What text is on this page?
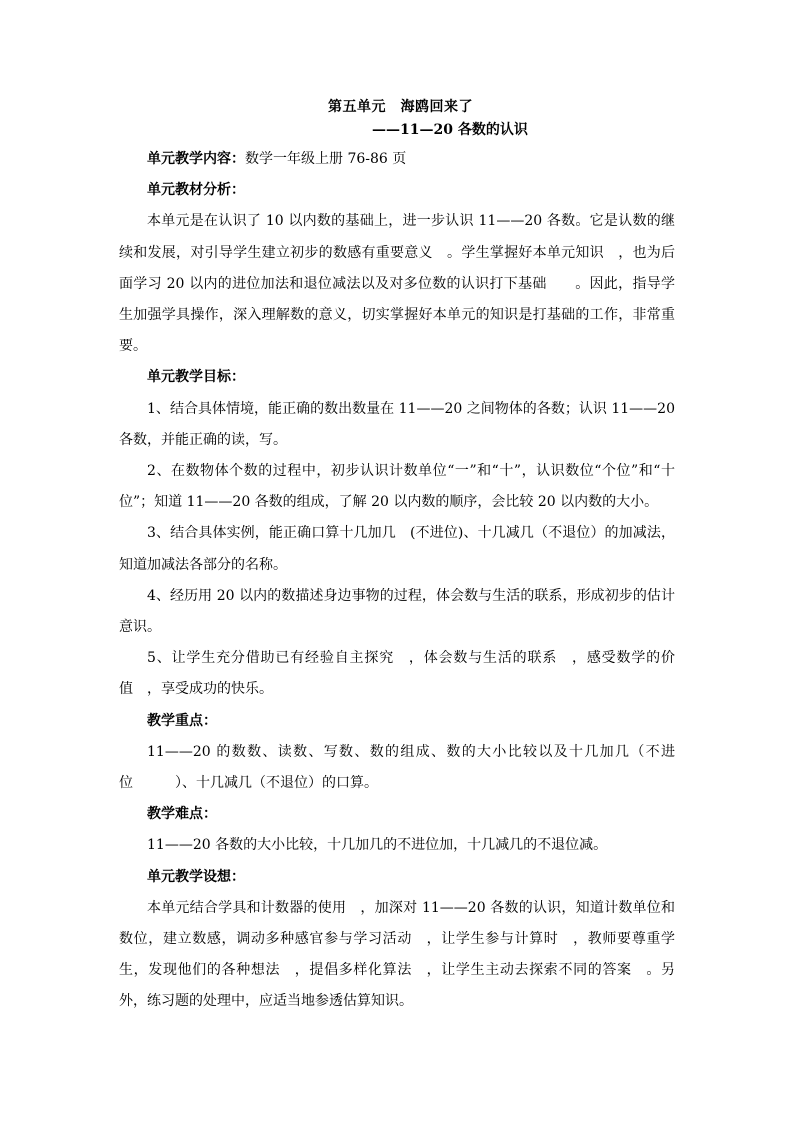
第五单元　海鸥回来了
——11—20 各数的认识

单元教学内容：数学一年级上册 76-86 页

单元教材分析：

本单元是在认识了 10 以内数的基础上，进一步认识 11——20 各数。它是认数的继续和发展，对引导学生建立初步的数感有重要意义　。学生掌握好本单元知识　，也为后面学习 20 以内的进位加法和退位减法以及对多位数的认识打下基础　　。因此，指导学生加强学具操作，深入理解数的意义，切实掌握好本单元的知识是打基础的工作，非常重要。

单元教学目标：

1、结合具体情境，能正确的数出数量在 11——20 之间物体的各数；认识 11——20 各数，并能正确的读，写。

2、在数物体个数的过程中，初步认识计数单位“一”和“十”，认识数位“个位”和“十位”；知道 11——20 各数的组成，了解 20 以内数的顺序，会比较 20 以内数的大小。

3、结合具体实例，能正确口算十几加几　(不进位)、十几减几（不退位）的加减法，知道加减法各部分的名称。

4、经历用 20 以内的数描述身边事物的过程，体会数与生活的联系，形成初步的估计意识。

5、让学生充分借助已有经验自主探究　，体会数与生活的联系　，感受数学的价值　，享受成功的快乐。

教学重点：

11——20 的数数、读数、写数、数的组成、数的大小比较以及十几加几（不进位　　　）、十几减几（不退位）的口算。

教学难点：

11——20 各数的大小比较，十几加几的不进位加，十几减几的不退位减。

单元教学设想：

本单元结合学具和计数器的使用　，加深对 11——20 各数的认识，知道计数单位和数位，建立数感，调动多种感官参与学习活动　，让学生参与计算时　，教师要尊重学生，发现他们的各种想法　，提倡多样化算法　，让学生主动去探索不同的答案　。另外，练习题的处理中，应适当地参透估算知识。
